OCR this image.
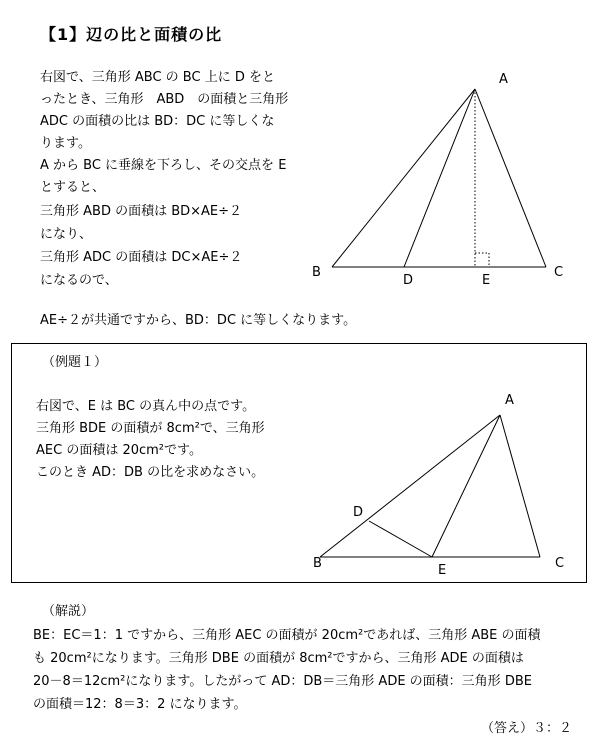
【1】辺の比と面積の比
右図で、三角形 ABC の BC 上に D をと
ったとき、三角形　ABD　の面積と三角形
ADC の面積の比は BD：DC に等しくな
ります。
A から BC に垂線を下ろし、その交点を E
とすると、
三角形 ABD の面積は BD×AE÷２
になり、
三角形 ADC の面積は DC×AE÷２
になるので、
AE÷２が共通ですから、BD：DC に等しくなります。
A
B	C
D	E
（例題１）
右図で、E は BC の真ん中の点です。
三角形 BDE の面積が 8cm²で、三角形
AEC の面積は 20cm²です。
このとき AD：DB の比を求めなさい。
A
B	C
D
E
（解説）
BE：EC＝1：1 ですから、三角形 AEC の面積が 20cm²であれば、三角形 ABE の面積
も 20cm²になります。三角形 DBE の面積が 8cm²ですから、三角形 ADE の面積は
20－8＝12cm²になります。したがって AD：DB＝三角形 ADE の面積：三角形 DBE
の面積＝12：8＝3：2 になります。
（答え）３：２
